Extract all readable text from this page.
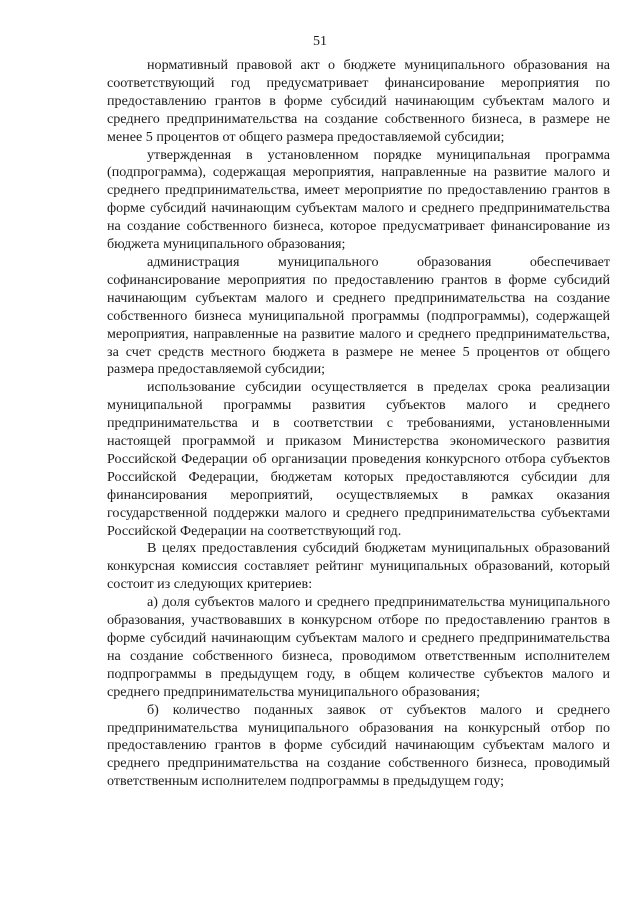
51

нормативный правовой акт о бюджете муниципального образования на соответствующий год предусматривает финансирование мероприятия по предоставлению грантов в форме субсидий начинающим субъектам малого и среднего предпринимательства на создание собственного бизнеса, в размере не менее 5 процентов от общего размера предоставляемой субсидии;

утвержденная в установленном порядке муниципальная программа (подпрограмма), содержащая мероприятия, направленные на развитие малого и среднего предпринимательства, имеет мероприятие по предоставлению грантов в форме субсидий начинающим субъектам малого и среднего предпринимательства на создание собственного бизнеса, которое предусматривает финансирование из бюджета муниципального образования;

администрация муниципального образования обеспечивает софинансирование мероприятия по предоставлению грантов в форме субсидий начинающим субъектам малого и среднего предпринимательства на создание собственного бизнеса муниципальной программы (подпрограммы), содержащей мероприятия, направленные на развитие малого и среднего предпринимательства, за счет средств местного бюджета в размере не менее 5 процентов от общего размера предоставляемой субсидии;

использование субсидии осуществляется в пределах срока реализации муниципальной программы развития субъектов малого и среднего предпринимательства и в соответствии с требованиями, установленными настоящей программой и приказом Министерства экономического развития Российской Федерации об организации проведения конкурсного отбора субъектов Российской Федерации, бюджетам которых предоставляются субсидии для финансирования мероприятий, осуществляемых в рамках оказания государственной поддержки малого и среднего предпринимательства субъектами Российской Федерации на соответствующий год.

В целях предоставления субсидий бюджетам муниципальных образований конкурсная комиссия составляет рейтинг муниципальных образований, который состоит из следующих критериев:

а) доля субъектов малого и среднего предпринимательства муниципального образования, участвовавших в конкурсном отборе по предоставлению грантов в форме субсидий начинающим субъектам малого и среднего предпринимательства на создание собственного бизнеса, проводимом ответственным исполнителем подпрограммы в предыдущем году, в общем количестве субъектов малого и среднего предпринимательства муниципального образования;

б) количество поданных заявок от субъектов малого и среднего предпринимательства муниципального образования на конкурсный отбор по предоставлению грантов в форме субсидий начинающим субъектам малого и среднего предпринимательства на создание собственного бизнеса, проводимый ответственным исполнителем подпрограммы в предыдущем году;
